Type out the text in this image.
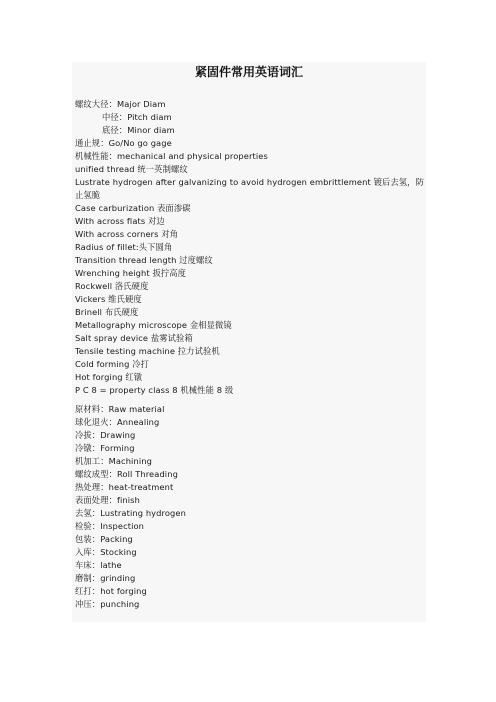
紧固件常用英语词汇
螺纹大径：Major Diam
中径：Pitch diam
底径：Minor diam
通止规：Go/No go gage
机械性能：mechanical and physical properties
unified thread 统一英制螺纹
Lustrate hydrogen after galvanizing to avoid hydrogen embrittlement 镀后去氢，防止氢脆
Case carburization 表面渗碳
With across flats 对边
With across corners 对角
Radius of fillet:头下圆角
Transition thread length 过度螺纹
Wrenching height 扳拧高度
Rockwell 洛氏硬度
Vickers 维氏硬度
Brinell 布氏硬度
Metallography microscope 金相显微镜
Salt spray device 盐雾试验箱
Tensile testing machine 拉力试验机
Cold forming 冷打
Hot forging 红镦
P C 8 = property class 8 机械性能 8 级
原材料：Raw material
球化退火：Annealing
冷拔：Drawing
冷镦：Forming
机加工：Machining
螺纹成型：Roll Threading
热处理：heat-treatment
表面处理：finish
去氢：Lustrating hydrogen
检验：Inspection
包装：Packing
入库：Stocking
车床：lathe
磨制：grinding
红打：hot forging
冲压：punching
